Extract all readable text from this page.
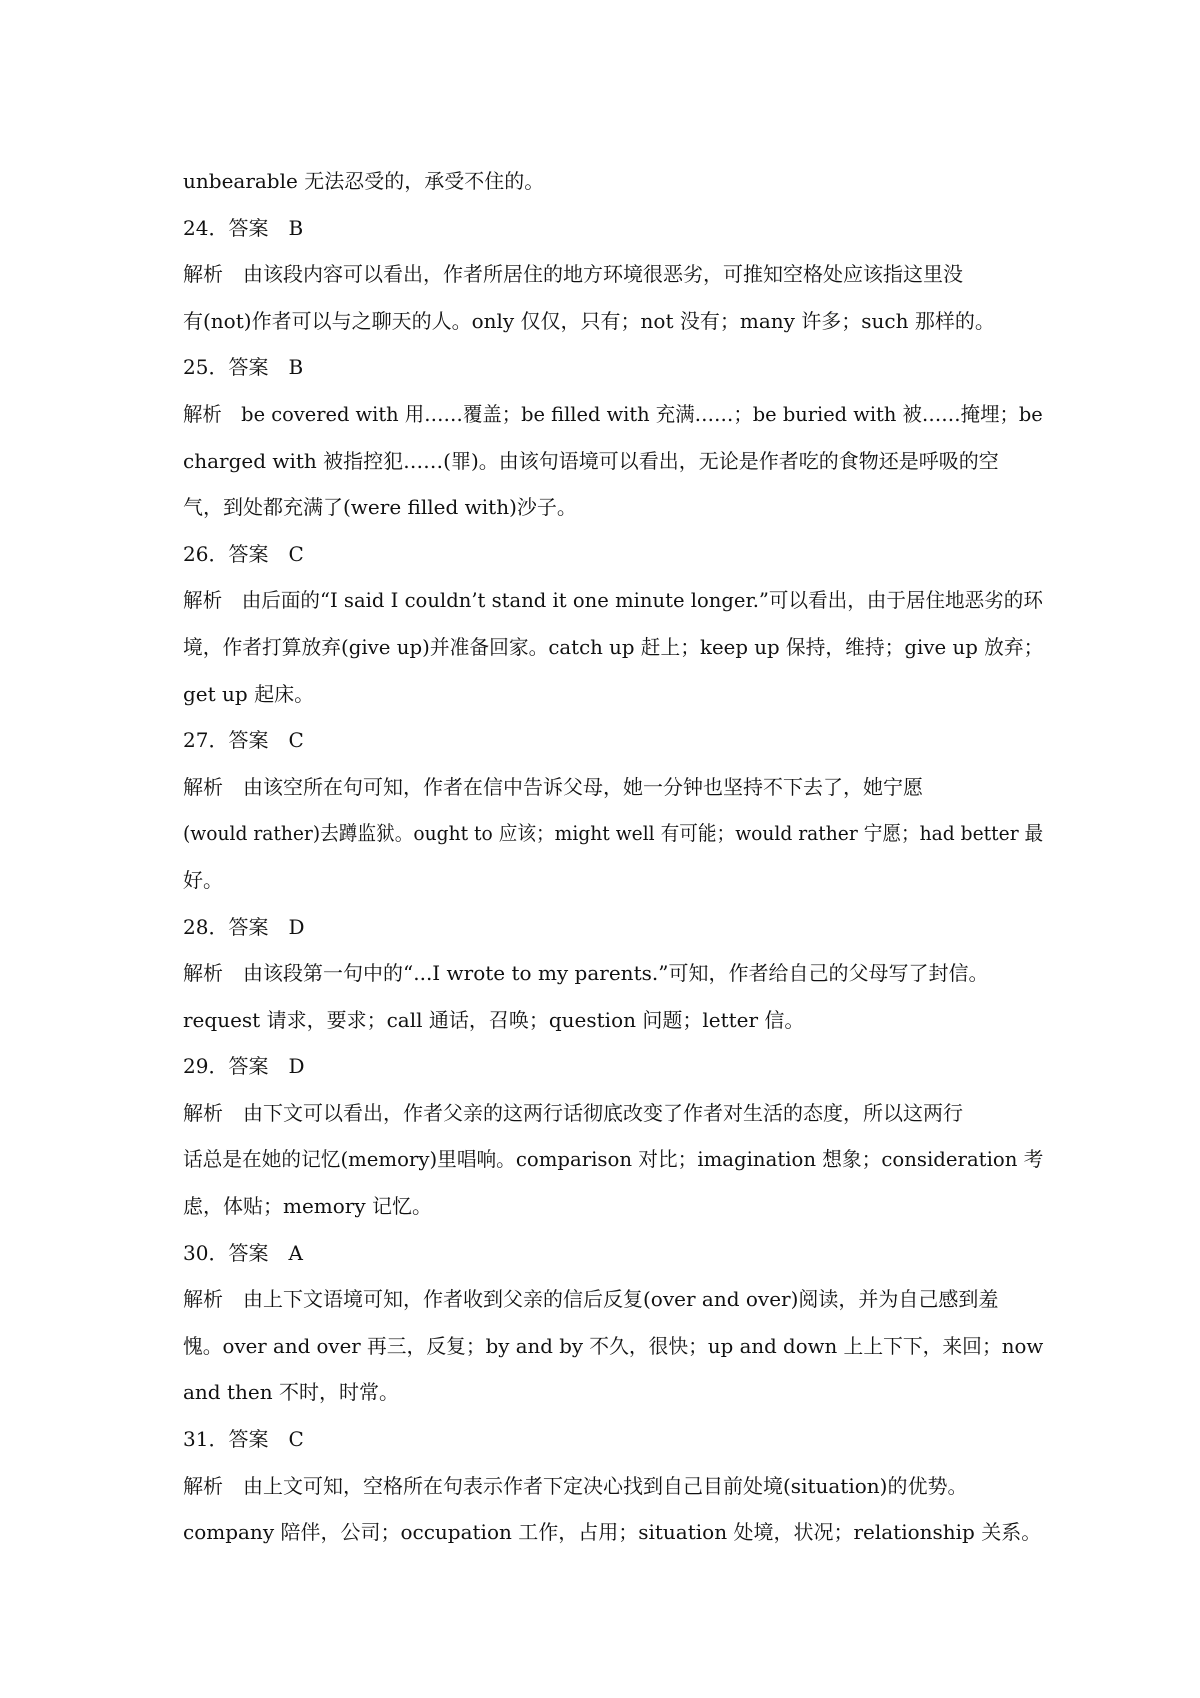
unbearable 无法忍受的，承受不住的。
24．答案　B
解析　由该段内容可以看出，作者所居住的地方环境很恶劣，可推知空格处应该指这里没
有(not)作者可以与之聊天的人。only 仅仅，只有；not 没有；many 许多；such 那样的。
25．答案　B
解析　be covered with 用……覆盖；be filled with 充满……；be buried with 被……掩埋；be
charged with 被指控犯……(罪)。由该句语境可以看出，无论是作者吃的食物还是呼吸的空
气，到处都充满了(were filled with)沙子。
26．答案　C
解析　由后面的“I said I couldn’t stand it one minute longer.”可以看出，由于居住地恶劣的环
境，作者打算放弃(give up)并准备回家。catch up 赶上；keep up 保持，维持；give up 放弃；
get up 起床。
27．答案　C
解析　由该空所在句可知，作者在信中告诉父母，她一分钟也坚持不下去了，她宁愿
(would rather)去蹲监狱。ought to 应该；might well 有可能；would rather 宁愿；had better 最
好。
28．答案　D
解析　由该段第一句中的“...I wrote to my parents.”可知，作者给自己的父母写了封信。
request 请求，要求；call 通话，召唤；question 问题；letter 信。
29．答案　D
解析　由下文可以看出，作者父亲的这两行话彻底改变了作者对生活的态度，所以这两行
话总是在她的记忆(memory)里唱响。comparison 对比；imagination 想象；consideration 考
虑，体贴；memory 记忆。
30．答案　A
解析　由上下文语境可知，作者收到父亲的信后反复(over and over)阅读，并为自己感到羞
愧。over and over 再三，反复；by and by 不久，很快；up and down 上上下下，来回；now
and then 不时，时常。
31．答案　C
解析　由上文可知，空格所在句表示作者下定决心找到自己目前处境(situation)的优势。
company 陪伴，公司；occupation 工作，占用；situation 处境，状况；relationship 关系。
